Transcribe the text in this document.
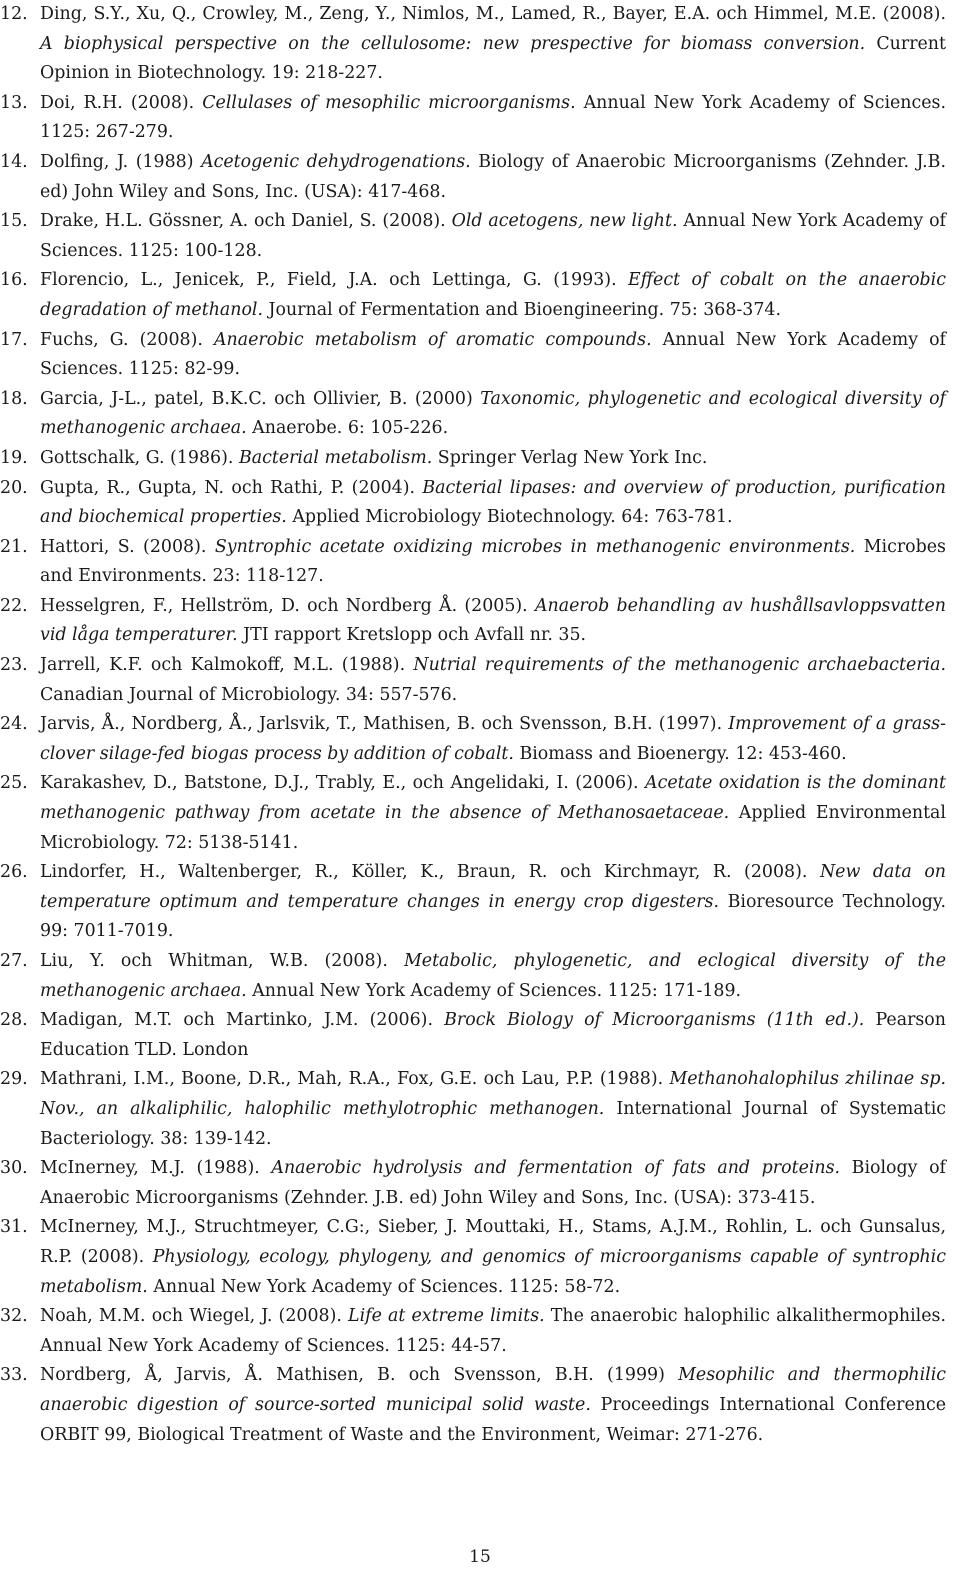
12. Ding, S.Y., Xu, Q., Crowley, M., Zeng, Y., Nimlos, M., Lamed, R., Bayer, E.A. och Himmel, M.E. (2008). A biophysical perspective on the cellulosome: new prespective for biomass conversion. Current Opinion in Biotechnology. 19: 218-227.
13. Doi, R.H. (2008). Cellulases of mesophilic microorganisms. Annual New York Academy of Sciences. 1125: 267-279.
14. Dolfing, J. (1988) Acetogenic dehydrogenations. Biology of Anaerobic Microorganisms (Zehnder. J.B. ed) John Wiley and Sons, Inc. (USA): 417-468.
15. Drake, H.L. Gössner, A. och Daniel, S. (2008). Old acetogens, new light. Annual New York Academy of Sciences. 1125: 100-128.
16. Florencio, L., Jenicek, P., Field, J.A. och Lettinga, G. (1993). Effect of cobalt on the anaerobic degradation of methanol. Journal of Fermentation and Bioengineering. 75: 368-374.
17. Fuchs, G. (2008). Anaerobic metabolism of aromatic compounds. Annual New York Academy of Sciences. 1125: 82-99.
18. Garcia, J-L., patel, B.K.C. och Ollivier, B. (2000) Taxonomic, phylogenetic and ecological diversity of methanogenic archaea. Anaerobe. 6: 105-226.
19. Gottschalk, G. (1986). Bacterial metabolism. Springer Verlag New York Inc.
20. Gupta, R., Gupta, N. och Rathi, P. (2004). Bacterial lipases: and overview of production, purification and biochemical properties. Applied Microbiology Biotechnology. 64: 763-781.
21. Hattori, S. (2008). Syntrophic acetate oxidizing microbes in methanogenic environments. Microbes and Environments. 23: 118-127.
22. Hesselgren, F., Hellström, D. och Nordberg Å. (2005). Anaerob behandling av hushållsavloppsvatten vid låga temperaturer. JTI rapport Kretslopp och Avfall nr. 35.
23. Jarrell, K.F. och Kalmokoff, M.L. (1988). Nutrial requirements of the methanogenic archaebacteria. Canadian Journal of Microbiology. 34: 557-576.
24. Jarvis, Å., Nordberg, Å., Jarlsvik, T., Mathisen, B. och Svensson, B.H. (1997). Improvement of a grass-clover silage-fed biogas process by addition of cobalt. Biomass and Bioenergy. 12: 453-460.
25. Karakashev, D., Batstone, D.J., Trably, E., och Angelidaki, I. (2006). Acetate oxidation is the dominant methanogenic pathway from acetate in the absence of Methanosaetaceae. Applied Environmental Microbiology. 72: 5138-5141.
26. Lindorfer, H., Waltenberger, R., Köller, K., Braun, R. och Kirchmayr, R. (2008). New data on temperature optimum and temperature changes in energy crop digesters. Bioresource Technology. 99: 7011-7019.
27. Liu, Y. och Whitman, W.B. (2008). Metabolic, phylogenetic, and eclogical diversity of the methanogenic archaea. Annual New York Academy of Sciences. 1125: 171-189.
28. Madigan, M.T. och Martinko, J.M. (2006). Brock Biology of Microorganisms (11th ed.). Pearson Education TLD. London
29. Mathrani, I.M., Boone, D.R., Mah, R.A., Fox, G.E. och Lau, P.P. (1988). Methanohalophilus zhilinae sp. Nov., an alkaliphilic, halophilic methylotrophic methanogen. International Journal of Systematic Bacteriology. 38: 139-142.
30. McInerney, M.J. (1988). Anaerobic hydrolysis and fermentation of fats and proteins. Biology of Anaerobic Microorganisms (Zehnder. J.B. ed) John Wiley and Sons, Inc. (USA): 373-415.
31. McInerney, M.J., Struchtmeyer, C.G:, Sieber, J. Mouttaki, H., Stams, A.J.M., Rohlin, L. och Gunsalus, R.P. (2008). Physiology, ecology, phylogeny, and genomics of microorganisms capable of syntrophic metabolism. Annual New York Academy of Sciences. 1125: 58-72.
32. Noah, M.M. och Wiegel, J. (2008). Life at extreme limits. The anaerobic halophilic alkalithermophiles. Annual New York Academy of Sciences. 1125: 44-57.
33. Nordberg, Å, Jarvis, Å. Mathisen, B. och Svensson, B.H. (1999) Mesophilic and thermophilic anaerobic digestion of source-sorted municipal solid waste. Proceedings International Conference ORBIT 99, Biological Treatment of Waste and the Environment, Weimar: 271-276.
15
